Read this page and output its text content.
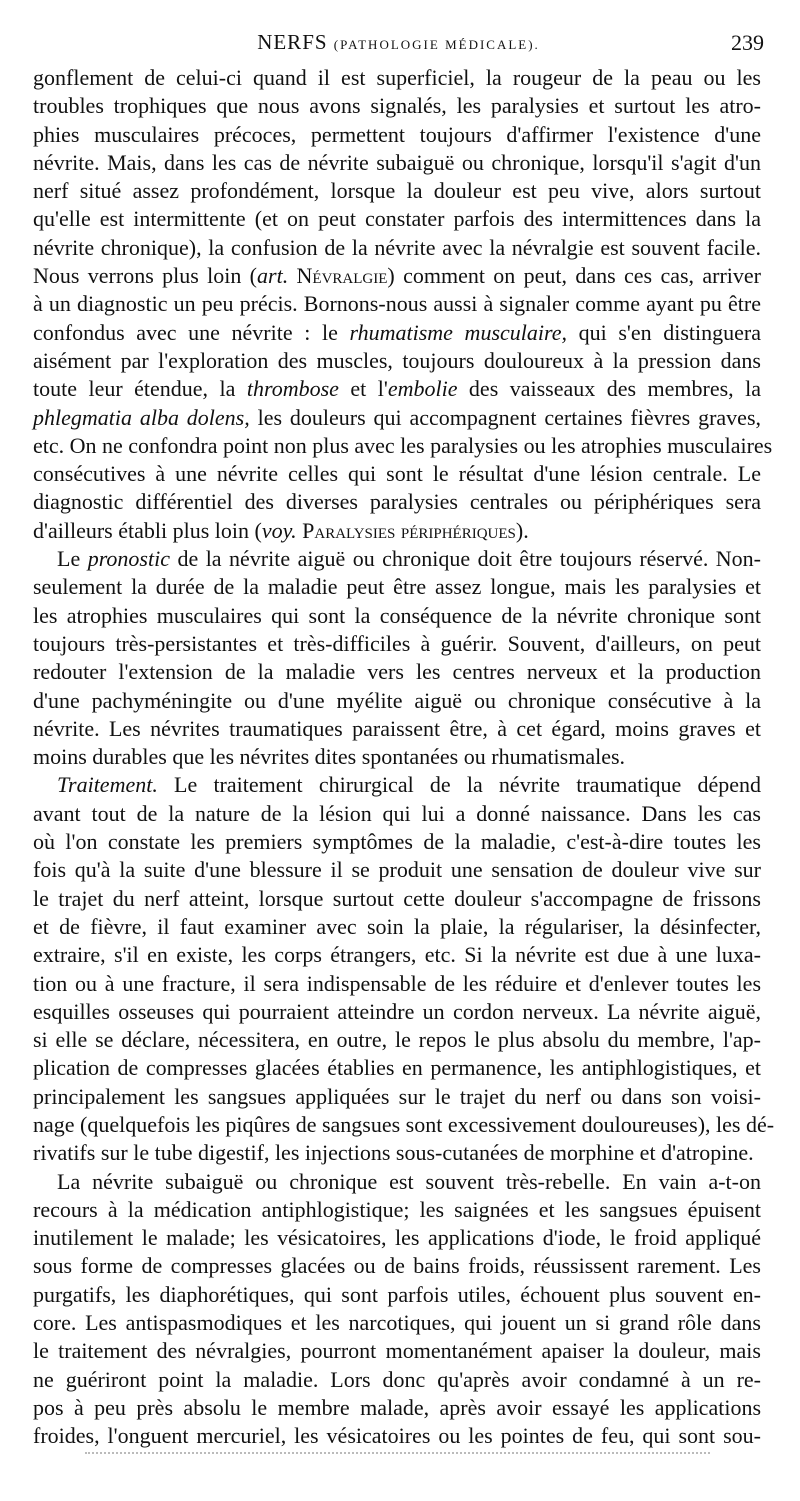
NERFS (PATHOLOGIE MÉDICALE).	239
gonflement de celui-ci quand il est superficiel, la rougeur de la peau ou les
troubles trophiques que nous avons signalés, les paralysies et surtout les atro-
phies musculaires précoces, permettent toujours d'affirmer l'existence d'une
névrite. Mais, dans les cas de névrite subaiguë ou chronique, lorsqu'il s'agit d'un
nerf situé assez profondément, lorsque la douleur est peu vive, alors surtout
qu'elle est intermittente (et on peut constater parfois des intermittences dans la
névrite chronique), la confusion de la névrite avec la névralgie est souvent facile.
Nous verrons plus loin (art. Névralgie) comment on peut, dans ces cas, arriver
à un diagnostic un peu précis. Bornons-nous aussi à signaler comme ayant pu être
confondus avec une névrite : le rhumatisme musculaire, qui s'en distinguera
aisément par l'exploration des muscles, toujours douloureux à la pression dans
toute leur étendue, la thrombose et l'embolie des vaisseaux des membres, la
phlegmatia alba dolens, les douleurs qui accompagnent certaines fièvres graves,
etc. On ne confondra point non plus avec les paralysies ou les atrophies musculaires
consécutives à une névrite celles qui sont le résultat d'une lésion centrale. Le
diagnostic différentiel des diverses paralysies centrales ou périphériques sera
d'ailleurs établi plus loin (voy. Paralysies périphériques).
Le pronostic de la névrite aiguë ou chronique doit être toujours réservé. Non-
seulement la durée de la maladie peut être assez longue, mais les paralysies et
les atrophies musculaires qui sont la conséquence de la névrite chronique sont
toujours très-persistantes et très-difficiles à guérir. Souvent, d'ailleurs, on peut
redouter l'extension de la maladie vers les centres nerveux et la production
d'une pachyméningite ou d'une myélite aiguë ou chronique consécutive à la
névrite. Les névrites traumatiques paraissent être, à cet égard, moins graves et
moins durables que les névrites dites spontanées ou rhumatismales.
Traitement. Le traitement chirurgical de la névrite traumatique dépend
avant tout de la nature de la lésion qui lui a donné naissance. Dans les cas
où l'on constate les premiers symptômes de la maladie, c'est-à-dire toutes les
fois qu'à la suite d'une blessure il se produit une sensation de douleur vive sur
le trajet du nerf atteint, lorsque surtout cette douleur s'accompagne de frissons
et de fièvre, il faut examiner avec soin la plaie, la régulariser, la désinfecter,
extraire, s'il en existe, les corps étrangers, etc. Si la névrite est due à une luxa-
tion ou à une fracture, il sera indispensable de les réduire et d'enlever toutes les
esquilles osseuses qui pourraient atteindre un cordon nerveux. La névrite aiguë,
si elle se déclare, nécessitera, en outre, le repos le plus absolu du membre, l'ap-
plication de compresses glacées établies en permanence, les antiphlogistiques, et
principalement les sangsues appliquées sur le trajet du nerf ou dans son voisi-
nage (quelquefois les piqûres de sangsues sont excessivement douloureuses), les dé-
rivatifs sur le tube digestif, les injections sous-cutanées de morphine et d'atropine.
La névrite subaiguë ou chronique est souvent très-rebelle. En vain a-t-on
recours à la médication antiphlogistique; les saignées et les sangsues épuisent
inutilement le malade; les vésicatoires, les applications d'iode, le froid appliqué
sous forme de compresses glacées ou de bains froids, réussissent rarement. Les
purgatifs, les diaphorétiques, qui sont parfois utiles, échouent plus souvent en-
core. Les antispasmodiques et les narcotiques, qui jouent un si grand rôle dans
le traitement des névralgies, pourront momentanément apaiser la douleur, mais
ne guériront point la maladie. Lors donc qu'après avoir condamné à un re-
pos à peu près absolu le membre malade, après avoir essayé les applications
froides, l'onguent mercuriel, les vésicatoires ou les pointes de feu, qui sont sou-
